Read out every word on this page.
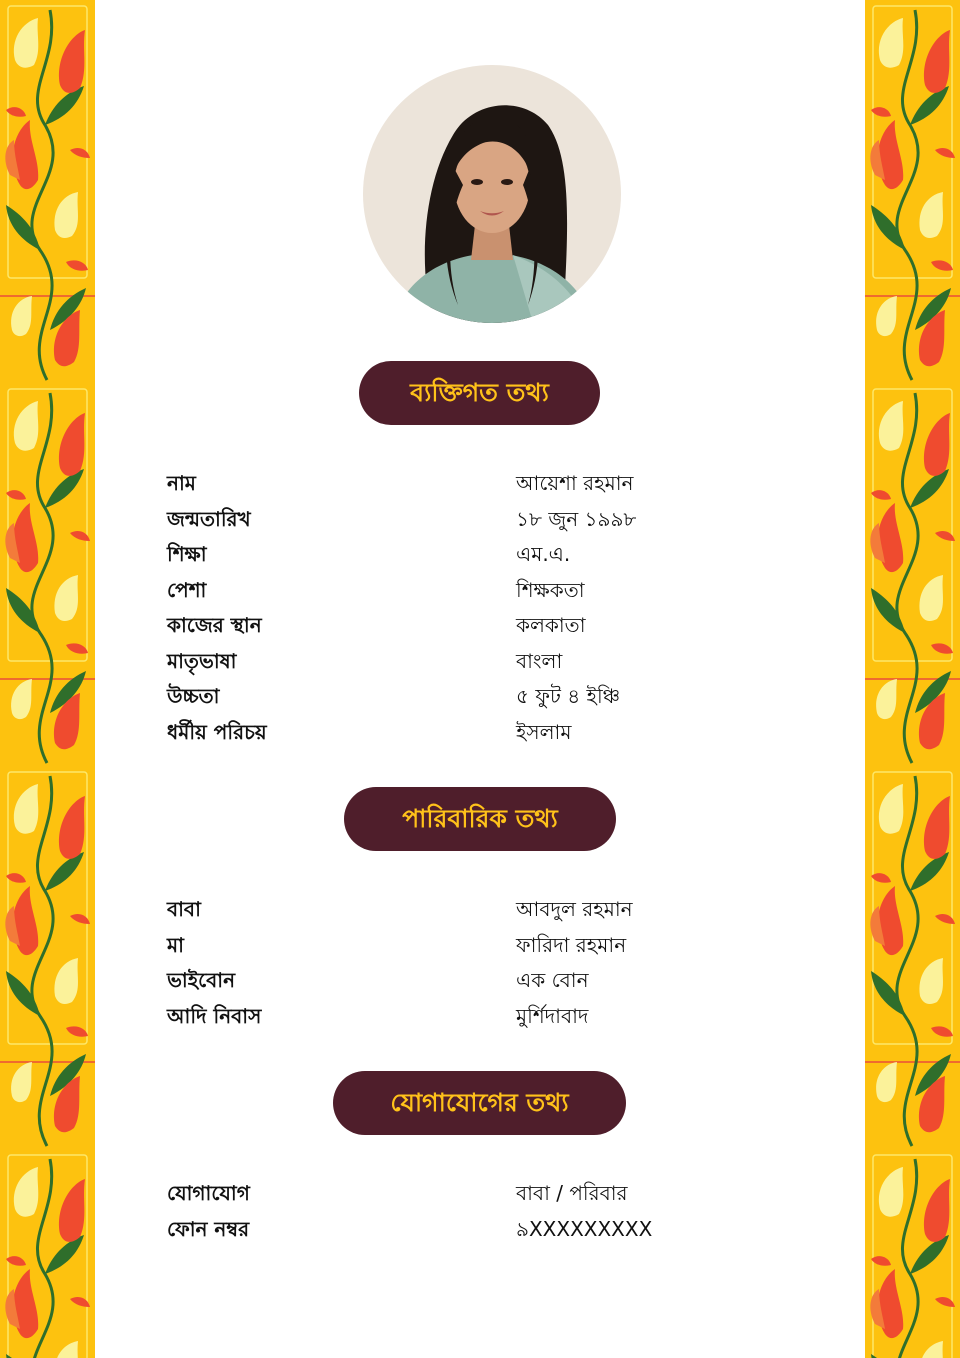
ব্যক্তিগত তথ্য
নাম	আয়েশা রহমান
জন্মতারিখ	১৮ জুন ১৯৯৮
শিক্ষা	এম.এ.
পেশা	শিক্ষকতা
কাজের স্থান	কলকাতা
মাতৃভাষা	বাংলা
উচ্চতা	৫ ফুট ৪ ইঞ্চি
ধর্মীয় পরিচয়	ইসলাম
পারিবারিক তথ্য
বাবা	আবদুল রহমান
মা	ফারিদা রহমান
ভাইবোন	এক বোন
আদি নিবাস	মুর্শিদাবাদ
যোগাযোগের তথ্য
যোগাযোগ	বাবা / পরিবার
ফোন নম্বর	৯XXXXXXXXX
